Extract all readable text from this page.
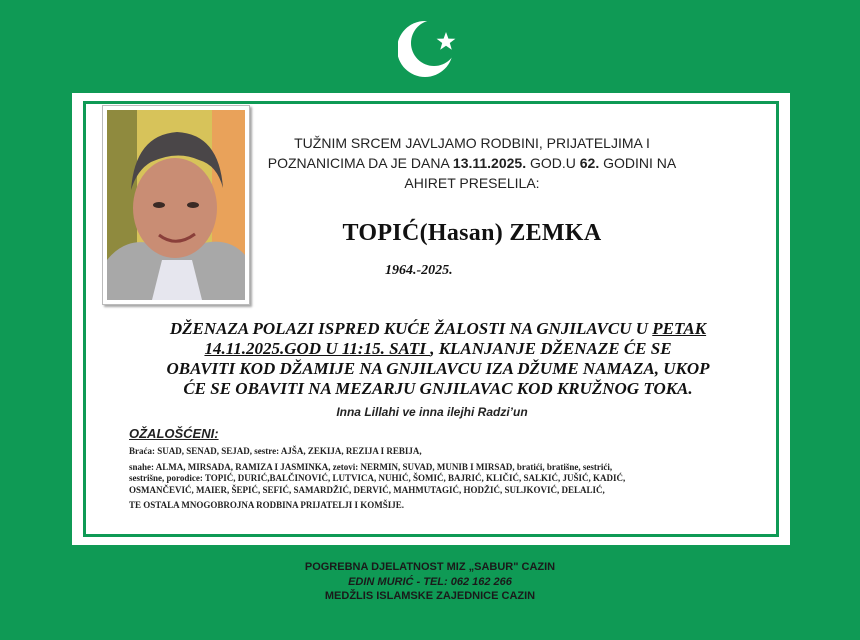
TUŽNIM SRCEM JAVLJAMO RODBINI, PRIJATELJIMA I
POZNANICIMA DA JE DANA 13.11.2025. GOD.U 62. GODINI NA
AHIRET PRESELILA:
TOPIĆ(Hasan) ZEMKA
1964.-2025.
DŽENAZA POLAZI ISPRED KUĆE ŽALOSTI NA GNJILAVCU U PETAK
14.11.2025.GOD U 11:15. SATI , KLANJANJE DŽENAZE ĆE SE
OBAVITI KOD DŽAMIJE NA GNJILAVCU IZA DŽUME NAMAZA, UKOP
ĆE SE OBAVITI NA MEZARJU GNJILAVAC KOD KRUŽNOG TOKA.
Inna Lillahi ve inna ilejhi Radzi’un
OŽALOŠĆENI:

Braća: SUAD, SENAD, SEJAD, sestre: AJŠA, ZEKIJA, REZIJA I REBIJA,

snahe: ALMA, MIRSADA, RAMIZA I JASMINKA, zetovi: NERMIN, SUVAD, MUNIB I MIRSAD, bratići, bratišne, sestrići,

sestrišne, porodice: TOPIĆ, DURIĆ,BALČINOVIĆ, LUTVICA, NUHIĆ, ŠOMIĆ, BAJRIĆ, KLIČIĆ, SALKIĆ, JUŠIĆ, KADIĆ,

OSMANČEVIĆ, MAIER, ŠEPIĆ, SEFIĆ, SAMARDŽIĆ, DERVIĆ, MAHMUTAGIĆ, HODŽIĆ, SULJKOVIĆ, DELALIĆ,

TE OSTALA MNOGOBROJNA RODBINA PRIJATELJI I KOMŠIJE.

POGREBNA DJELATNOST MIZ „SABUR" CAZIN
EDIN MURIĆ - TEL: 062 162 266
MEDŽLIS ISLAMSKE ZAJEDNICE CAZIN
